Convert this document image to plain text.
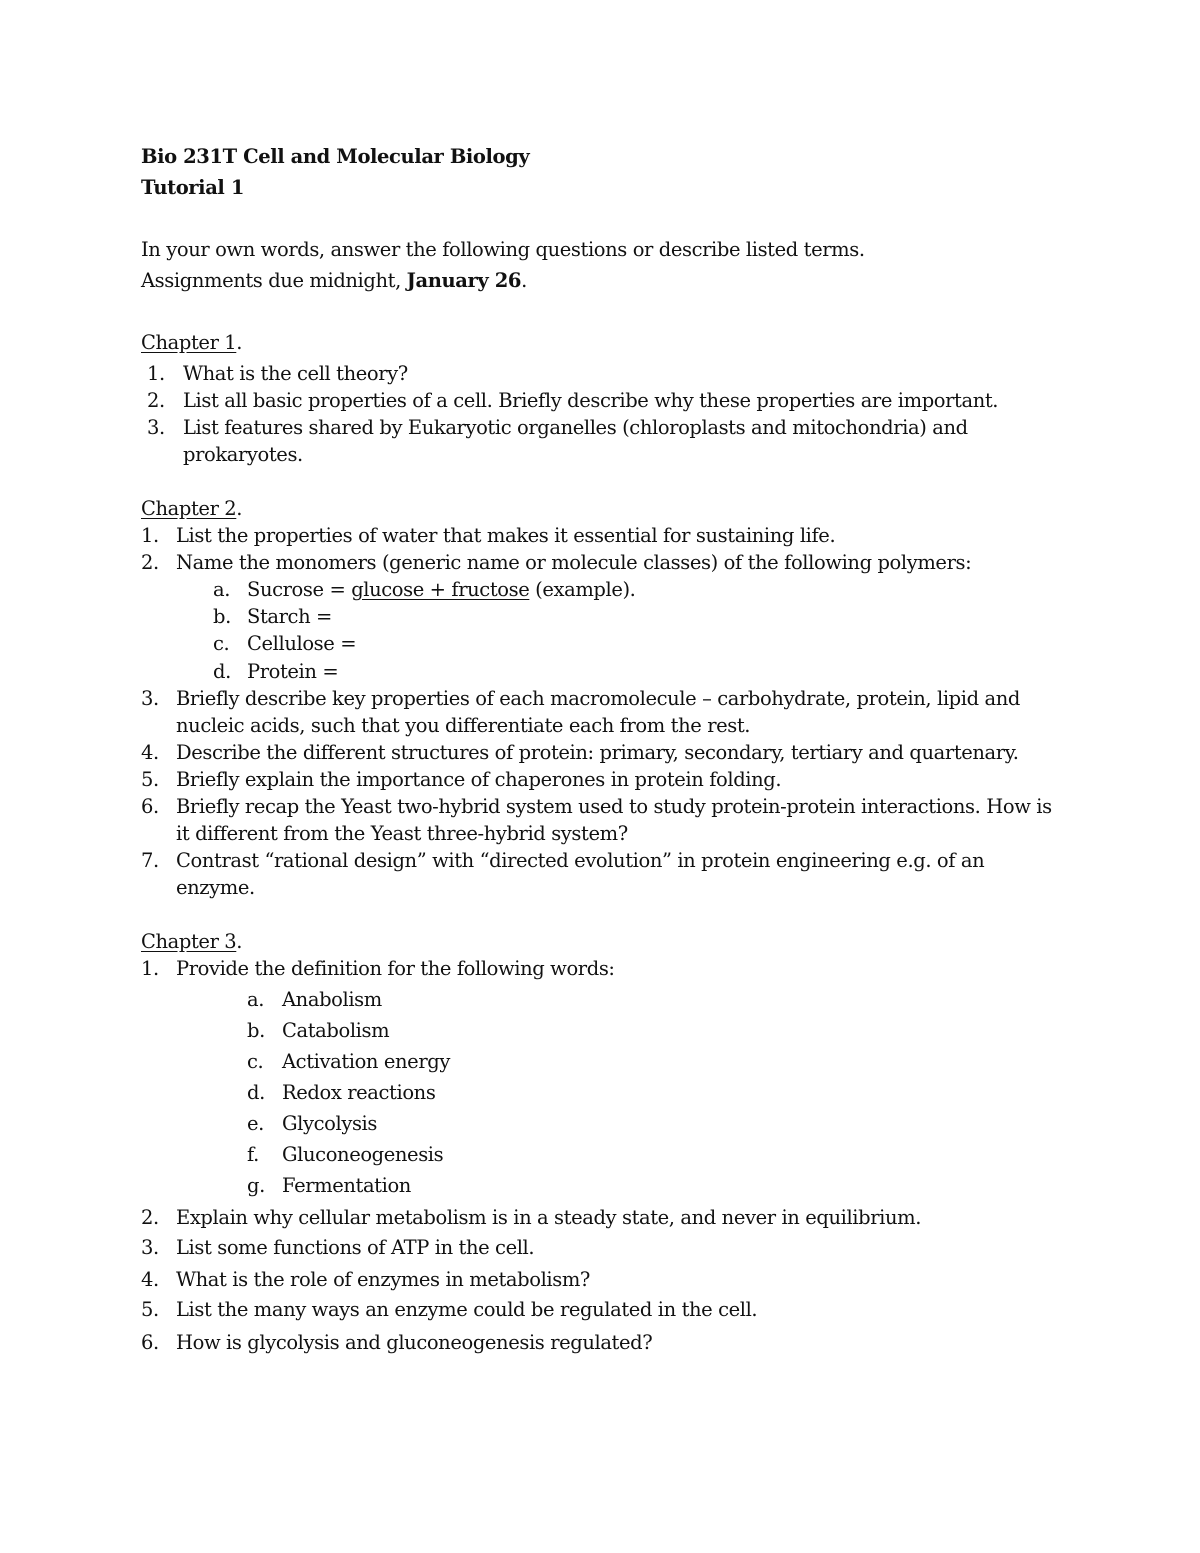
Bio 231T Cell and Molecular Biology
Tutorial 1
In your own words, answer the following questions or describe listed terms.
Assignments due midnight, January 26.
Chapter 1.
1. What is the cell theory?
2. List all basic properties of a cell. Briefly describe why these properties are important.
3. List features shared by Eukaryotic organelles (chloroplasts and mitochondria) and
prokaryotes.
Chapter 2.
1. List the properties of water that makes it essential for sustaining life.
2. Name the monomers (generic name or molecule classes) of the following polymers:
a. Sucrose = glucose + fructose (example).
b. Starch =
c. Cellulose =
d. Protein =
3. Briefly describe key properties of each macromolecule – carbohydrate, protein, lipid and
nucleic acids, such that you differentiate each from the rest.
4. Describe the different structures of protein: primary, secondary, tertiary and quartenary.
5. Briefly explain the importance of chaperones in protein folding.
6. Briefly recap the Yeast two-hybrid system used to study protein-protein interactions. How is
it different from the Yeast three-hybrid system?
7. Contrast “rational design” with “directed evolution” in protein engineering e.g. of an
enzyme.
Chapter 3.
1. Provide the definition for the following words:
a. Anabolism
b. Catabolism
c. Activation energy
d. Redox reactions
e. Glycolysis
f. Gluconeogenesis
g. Fermentation
2. Explain why cellular metabolism is in a steady state, and never in equilibrium.
3. List some functions of ATP in the cell.
4. What is the role of enzymes in metabolism?
5. List the many ways an enzyme could be regulated in the cell.
6. How is glycolysis and gluconeogenesis regulated?
